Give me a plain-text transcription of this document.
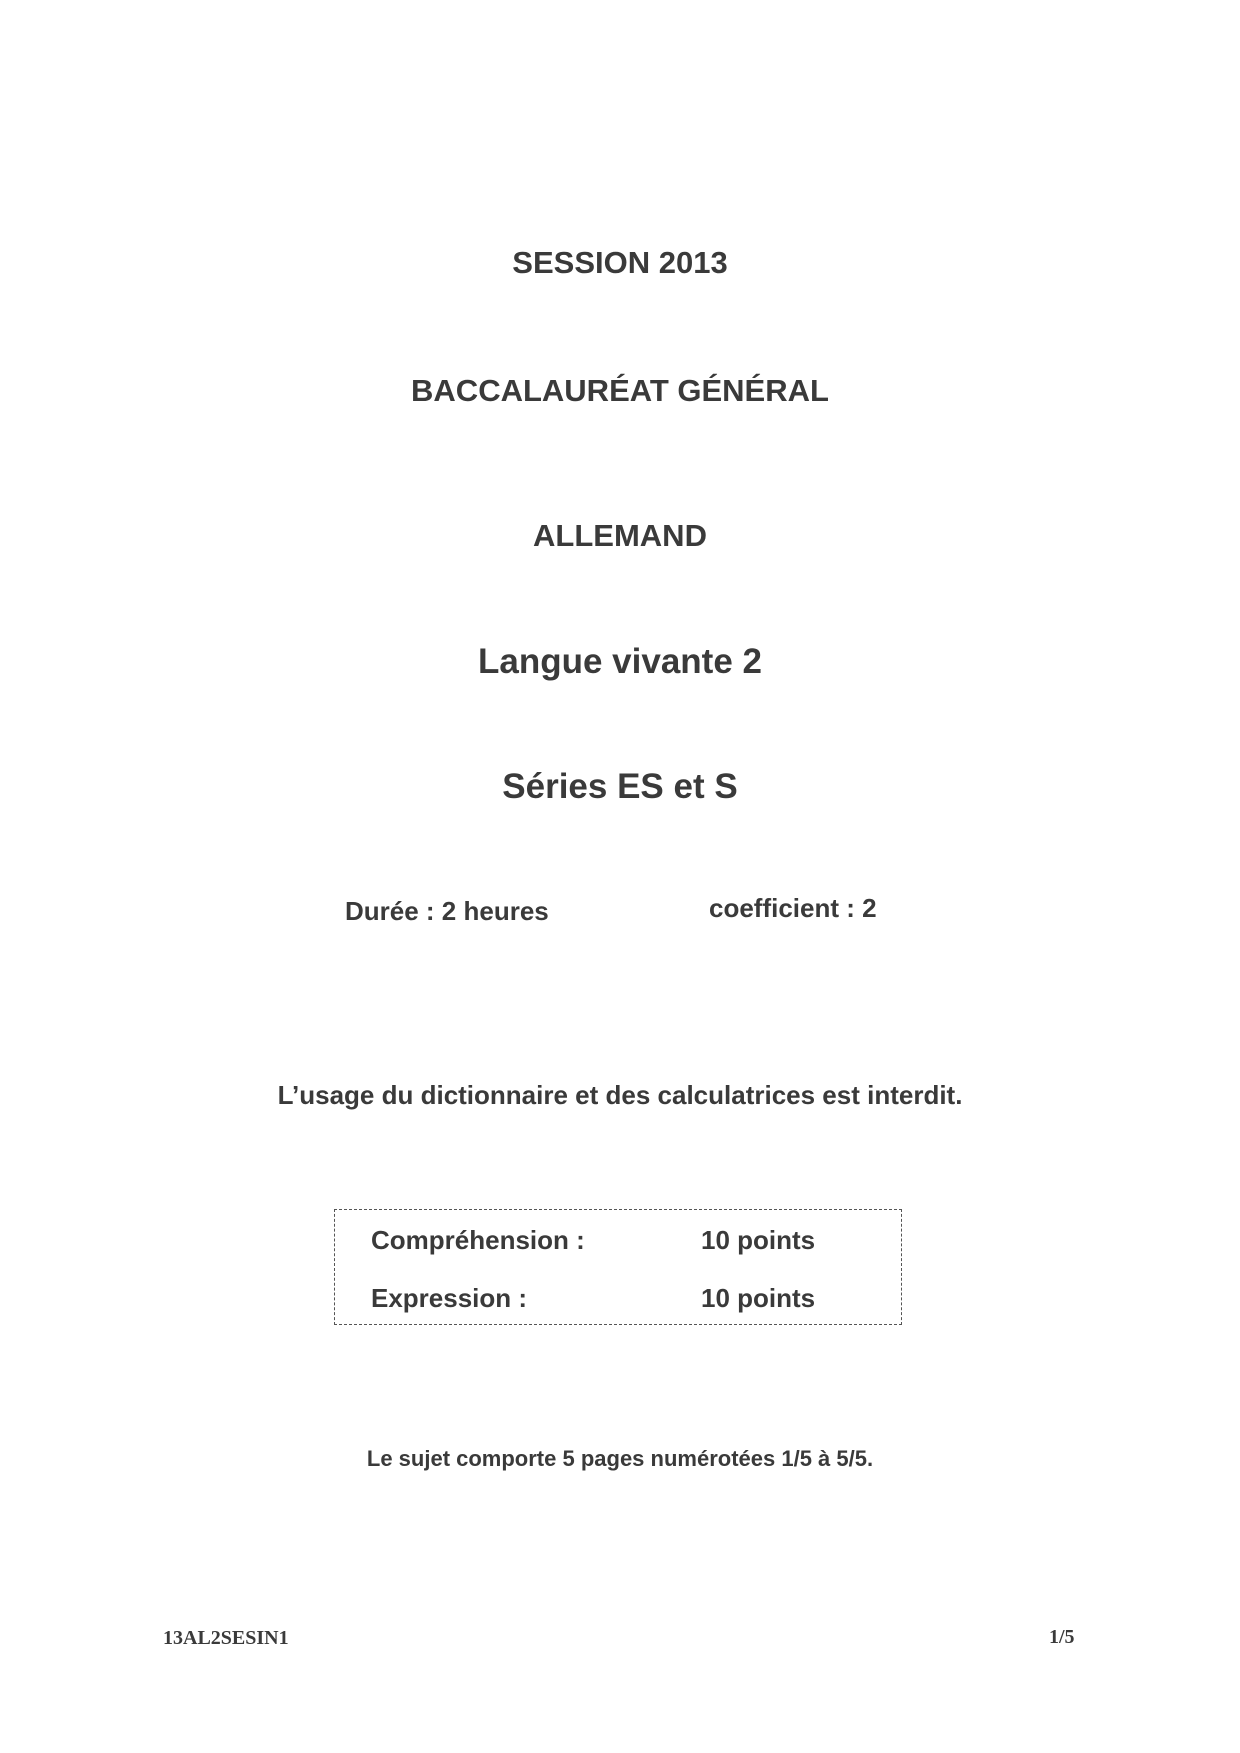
SESSION 2013
BACCALAURÉAT GÉNÉRAL
ALLEMAND
Langue vivante 2
Séries ES et S
Durée : 2 heures	coefficient : 2
L’usage du dictionnaire et des calculatrices est interdit.
Compréhension :	10 points
Expression :	10 points
Le sujet comporte 5 pages numérotées 1/5 à 5/5.
13AL2SESIN1	1/5
